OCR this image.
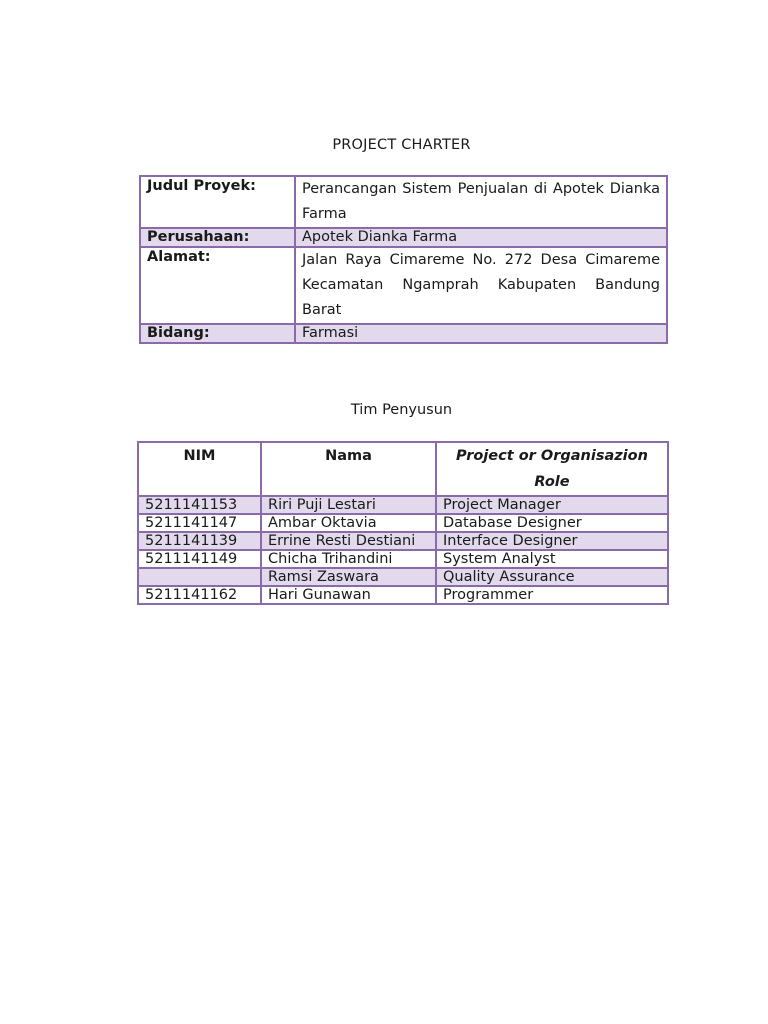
PROJECT CHARTER
Judul Proyek:	Perancangan Sistem Penjualan di Apotek Dianka Farma
Perusahaan:	Apotek Dianka Farma
Alamat:	Jalan Raya Cimareme No. 272 Desa Cimareme Kecamatan Ngamprah Kabupaten Bandung Barat
Bidang:	Farmasi
Tim Penyusun
NIM	Nama	Project or Organisazion Role
5211141153	Riri Puji Lestari	Project Manager
5211141147	Ambar Oktavia	Database Designer
5211141139	Errine Resti Destiani	Interface Designer
5211141149	Chicha Trihandini	System Analyst
	Ramsi Zaswara	Quality Assurance
5211141162	Hari Gunawan	Programmer
